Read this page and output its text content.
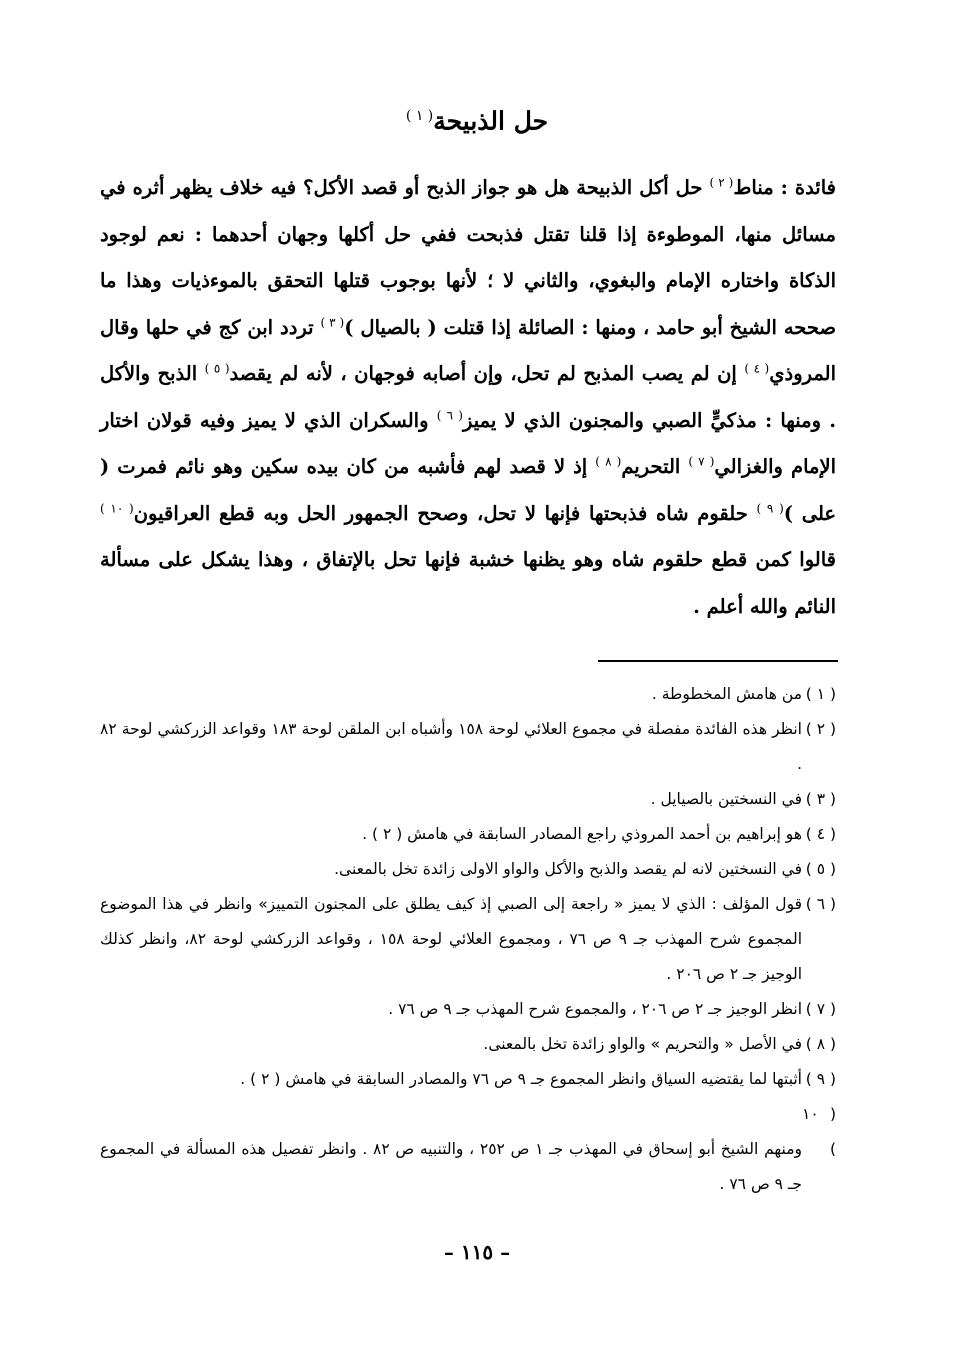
حل الذبيحة$^{( ١ )}$
فائدة : مناط$^{( ٢ )}$ حل أكل الذبيحة هل هو جواز الذبح أو قصد الأكل؟ فيه خلاف يظهر أثره في مسائل منها، الموطوءة إذا قلنا تقتل فذبحت ففي حل أكلها وجهان أحدهما : نعم لوجود الذكاة واختاره الإمام والبغوي، والثاني لا ؛ لأنها بوجوب قتلها التحقق بالموءذيات وهذا ما صححه الشيخ أبو حامد ، ومنها : الصائلة إذا قتلت ( بالصيال )$^{( ٣ )}$ تردد ابن كج في حلها وقال المروذي$^{( ٤ )}$ إن لم يصب المذبح لم تحل، وإن أصابه فوجهان ، لأنه لم يقصد$^{( ٥ )}$ الذبح والأكل . ومنها : مذكيٍّ الصبي والمجنون الذي لا يميز$^{( ٦ )}$ والسكران الذي لا يميز وفيه قولان اختار الإمام والغزالي$^{( ٧ )}$ التحريم$^{( ٨ )}$ إذ لا قصد لهم فأشبه من كان بيده سكين وهو نائم فمرت ( على )$^{( ٩ )}$ حلقوم شاه فذبحتها فإنها لا تحل، وصحح الجمهور الحل وبه قطع العراقيون$^{( ١٠ )}$ قالوا كمن قطع حلقوم شاه وهو يظنها خشبة فإنها تحل بالإتفاق ، وهذا يشكل على مسألة النائم والله أعلم .
( ١ )من هامش المخطوطة .
( ٢ )انظر هذه الفائدة مفصلة في مجموع العلائي لوحة ١٥٨ وأشباه ابن الملقن لوحة ١٨٣ وقواعد الزركشي لوحة ٨٢ .
( ٣ )في النسختين بالصيايل .
( ٤ )هو إبراهيم بن أحمد المروذي راجع المصادر السابقة في هامش ( ٢ ) .
( ٥ )في النسختين لانه لم يقصد والذبح والأكل والواو الاولى زائدة تخل بالمعنى.
( ٦ )قول المؤلف : الذي لا يميز « راجعة إلى الصبي إذ كيف يطلق على المجنون التمييز» وانظر في هذا الموضوع المجموع شرح المهذب جـ ٩ ص ٧٦ ، ومجموع العلائي لوحة ١٥٨ ، وقواعد الزركشي لوحة ٨٢، وانظر كذلك الوجيز جـ ٢ ص ٢٠٦ .
( ٧ )انظر الوجيز جـ ٢ ص ٢٠٦ ، والمجموع شرح المهذب جـ ٩ ص ٧٦ .
( ٨ )في الأصل « والتحريم » والواو زائدة تخل بالمعنى.
( ٩ )أثبتها لما يقتضيه السياق وانظر المجموع جـ ٩ ص ٧٦ والمصادر السابقة في هامش ( ٢ ) .
( ١٠ )ومنهم الشيخ أبو إسحاق في المهذب جـ ١ ص ٢٥٢ ، والتنبيه ص ٨٢ . وانظر تفصيل هذه المسألة في المجموع جـ ٩ ص ٧٦ .
– ١١٥ –
